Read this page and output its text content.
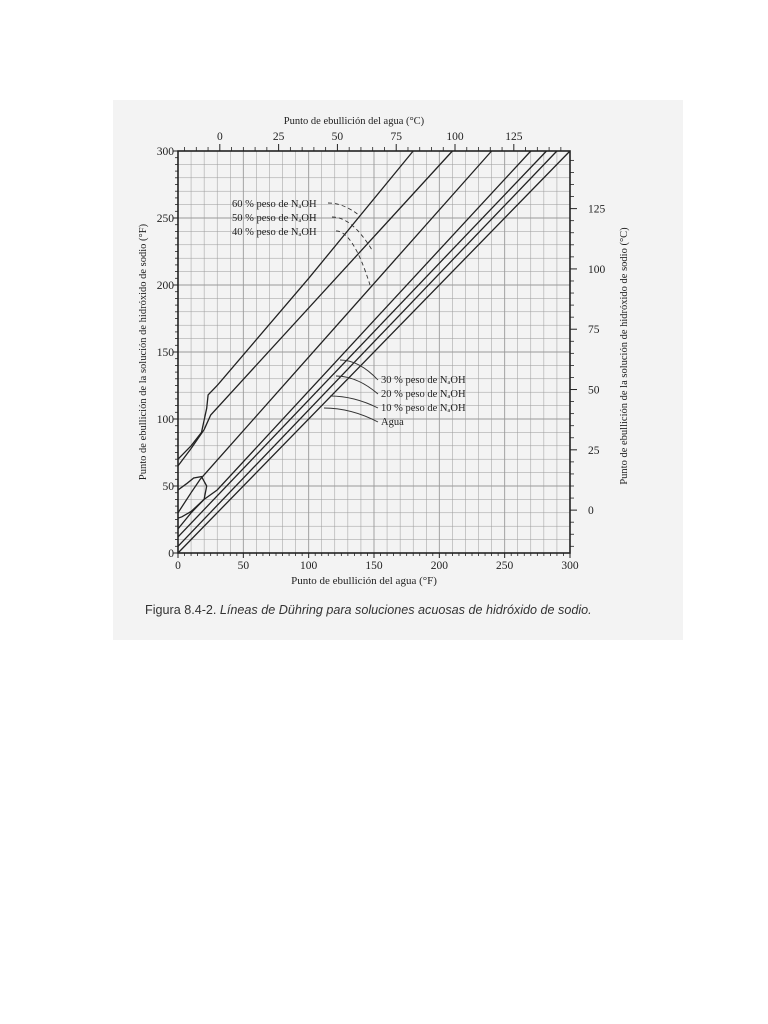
0	50	100	150	200	250	300
0
50
100
150
200
250
300
0	25	50	75	100	125
0
25
50
75
100
125
60 % peso de NₐOH
50 % peso de NₐOH
40 % peso de NₐOH
30 % peso de NₐOH
20 % peso de NₐOH
10 % peso de NₐOH
Agua
Punto de ebullición del agua (°F)
Punto de ebullición del agua (°C)
Punto de ebullición de la solución de hidróxido de sodio (°F)	Punto de ebullición de la solución de hidróxido de sodio (°C)
Figura 8.4-2. Líneas de Dühring para soluciones acuosas de hidróxido de sodio.
